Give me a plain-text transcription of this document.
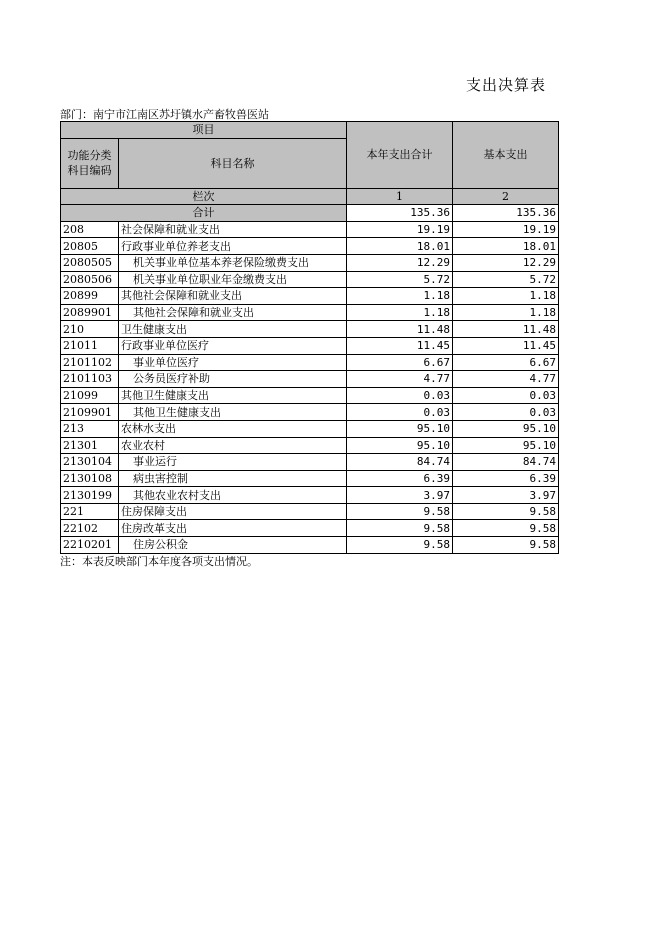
支出决算表
部门：南宁市江南区苏圩镇水产畜牧兽医站
项目		本年支出合计	基本支出
功能分类
科目编码	科目名称		
栏次		1	2
合计		135.36	135.36
208	社会保障和就业支出	19.19	19.19
20805	行政事业单位养老支出	18.01	18.01
2080505	机关事业单位基本养老保险缴费支出	12.29	12.29
2080506	机关事业单位职业年金缴费支出	5.72	5.72
20899	其他社会保障和就业支出	1.18	1.18
2089901	其他社会保障和就业支出	1.18	1.18
210	卫生健康支出	11.48	11.48
21011	行政事业单位医疗	11.45	11.45
2101102	事业单位医疗	6.67	6.67
2101103	公务员医疗补助	4.77	4.77
21099	其他卫生健康支出	0.03	0.03
2109901	其他卫生健康支出	0.03	0.03
213	农林水支出	95.10	95.10
21301	农业农村	95.10	95.10
2130104	事业运行	84.74	84.74
2130108	病虫害控制	6.39	6.39
2130199	其他农业农村支出	3.97	3.97
221	住房保障支出	9.58	9.58
22102	住房改革支出	9.58	9.58
2210201	住房公积金	9.58	9.58
注：本表反映部门本年度各项支出情况。
